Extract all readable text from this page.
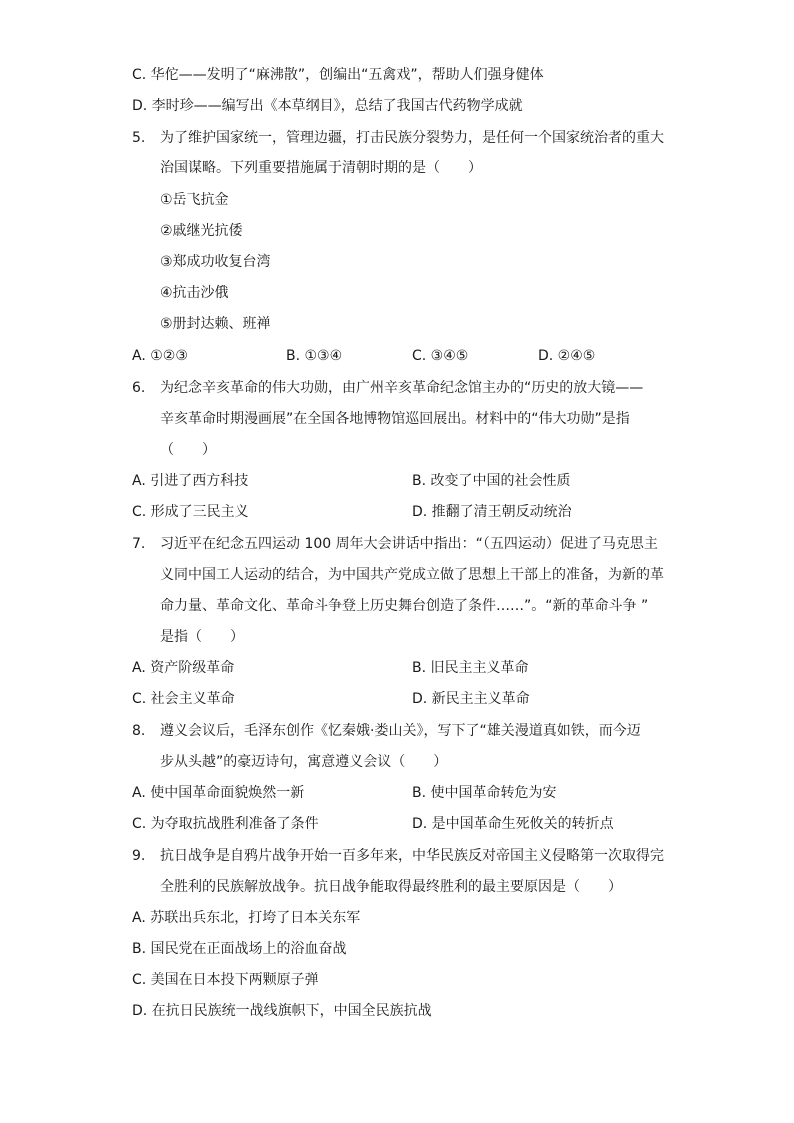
C. 华佗——发明了“麻沸散”，创编出“五禽戏”，帮助人们强身健体
D. 李时珍——编写出《本草纲目》，总结了我国古代药物学成就
5. 为了维护国家统一，管理边疆，打击民族分裂势力，是任何一个国家统治者的重大
治国谋略。下列重要措施属于清朝时期的是（　　）
①岳飞抗金
②戚继光抗倭
③郑成功收复台湾
④抗击沙俄
⑤册封达赖、班禅
A. ①②③	B. ①③④	C. ③④⑤	D. ②④⑤
6. 为纪念辛亥革命的伟大功勋，由广州辛亥革命纪念馆主办的“历史的放大镜——
辛亥革命时期漫画展”在全国各地博物馆巡回展出。材料中的“伟大功勋”是指
（　　）
A. 引进了西方科技	B. 改变了中国的社会性质
C. 形成了三民主义	D. 推翻了清王朝反动统治
7. 习近平在纪念五四运动 100 周年大会讲话中指出：“（五四运动）促进了马克思主
义同中国工人运动的结合，为中国共产党成立做了思想上干部上的准备，为新的革
命力量、革命文化、革命斗争登上历史舞台创造了条件……”。“新的革命斗争 ”
是指（　　）
A. 资产阶级革命	B. 旧民主主义革命
C. 社会主义革命	D. 新民主主义革命
8. 遵义会议后，毛泽东创作《忆秦娥·娄山关》，写下了“雄关漫道真如铁，而今迈
步从头越”的豪迈诗句，寓意遵义会议（　　）
A. 使中国革命面貌焕然一新	B. 使中国革命转危为安
C. 为夺取抗战胜利准备了条件	D. 是中国革命生死攸关的转折点
9. 抗日战争是自鸦片战争开始一百多年来，中华民族反对帝国主义侵略第一次取得完
全胜利的民族解放战争。抗日战争能取得最终胜利的最主要原因是（　　）
A. 苏联出兵东北，打垮了日本关东军
B. 国民党在正面战场上的浴血奋战
C. 美国在日本投下两颗原子弹
D. 在抗日民族统一战线旗帜下，中国全民族抗战
